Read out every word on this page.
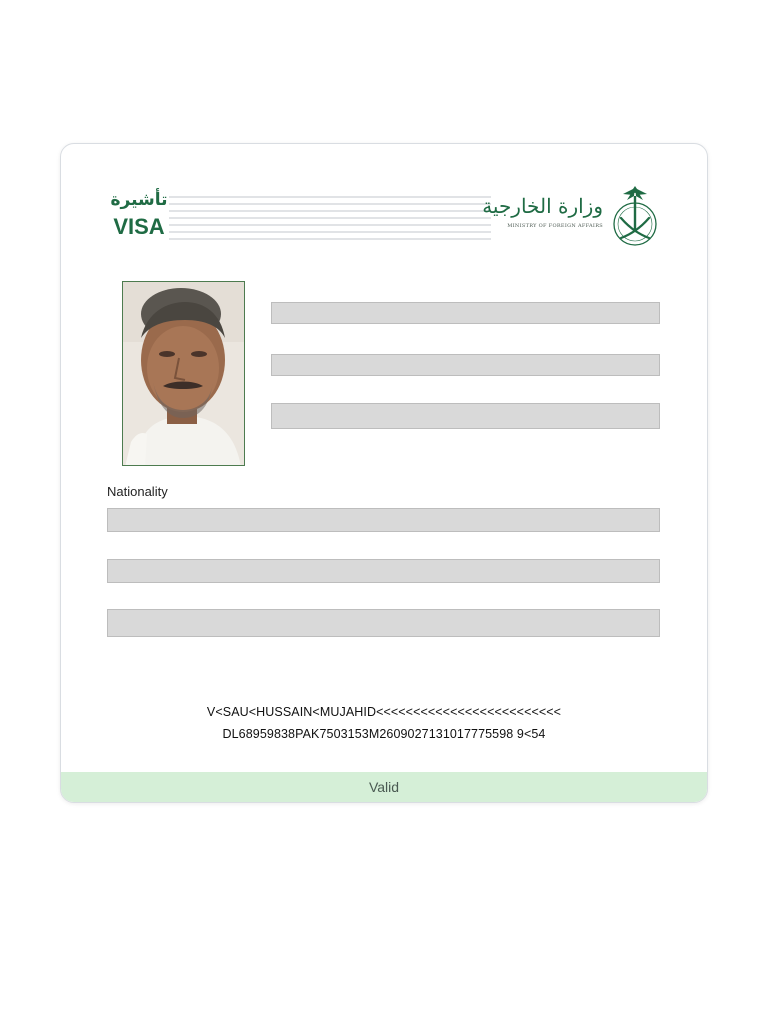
تأشيرة
VISA
وزارة الخارجية
MINISTRY OF FOREIGN AFFAIRS
Nationality
V<SAU<HUSSAIN<MUJAHID<<<<<<<<<<<<<<<<<<<<<<<<<
DL68959838PAK7503153M2609027131017775598 9<54
Valid
